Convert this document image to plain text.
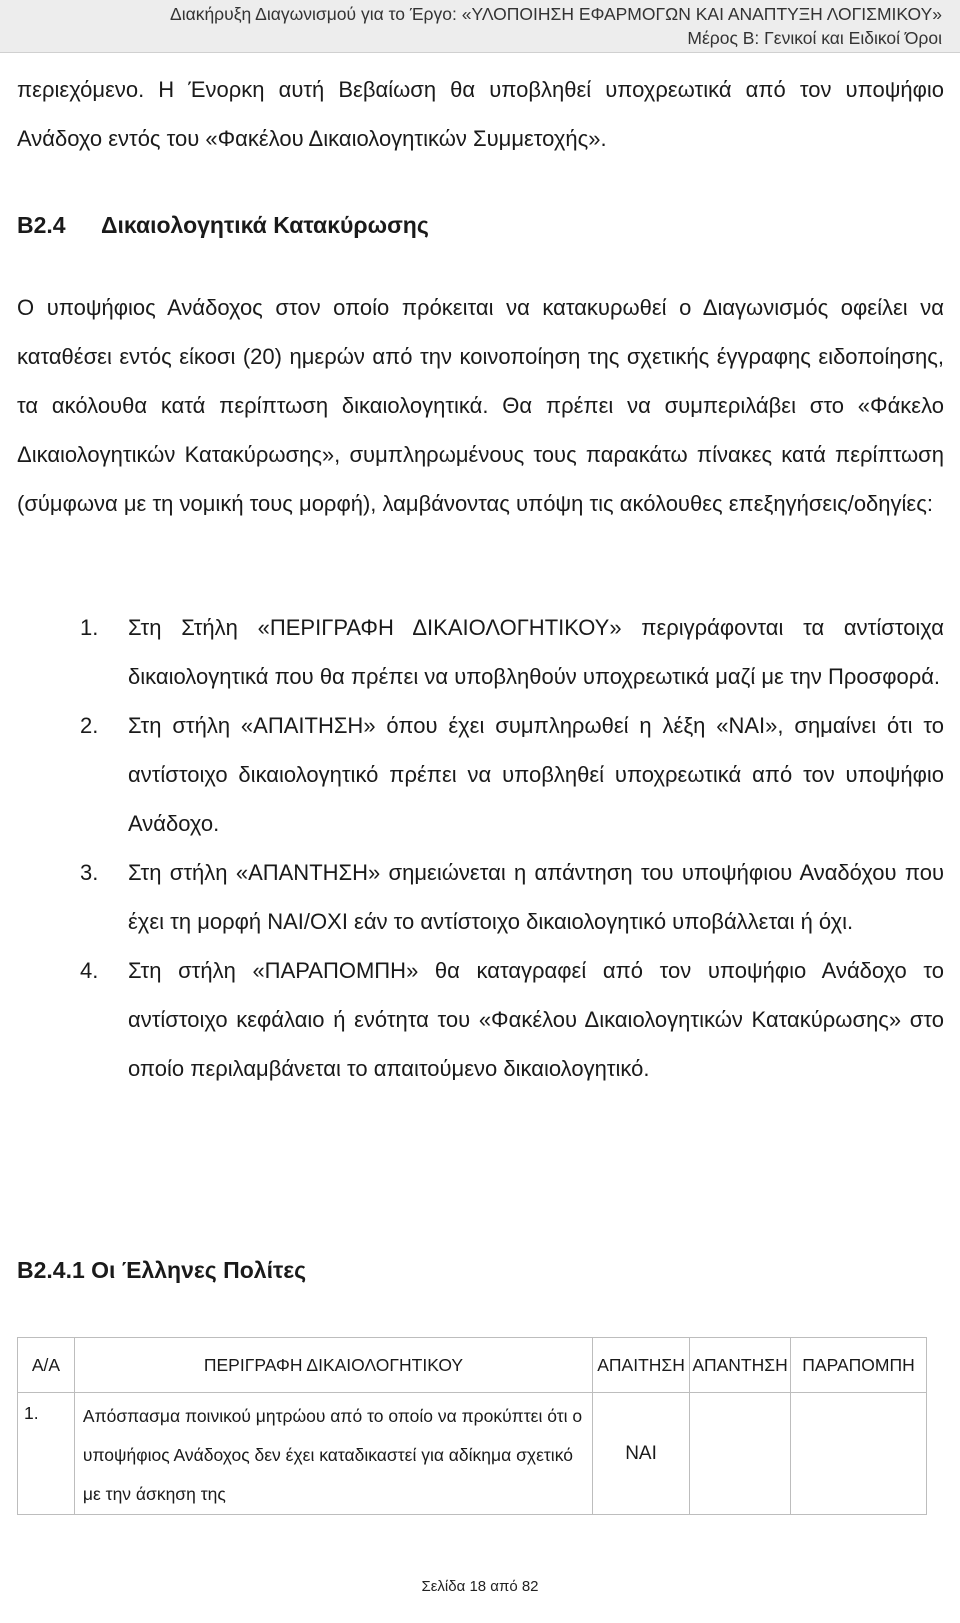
Διακήρυξη Διαγωνισμού για το Έργο: «ΥΛΟΠΟΙΗΣΗ ΕΦΑΡΜΟΓΩΝ ΚΑΙ ΑΝΑΠΤΥΞΗ ΛΟΓΙΣΜΙΚΟΥ»
Μέρος Β: Γενικοί και Ειδικοί Όροι

περιεχόμενο. Η Ένορκη αυτή Βεβαίωση θα υποβληθεί υποχρεωτικά από τον υποψήφιο Ανάδοχο εντός του «Φακέλου Δικαιολογητικών Συμμετοχής».

Β2.4 Δικαιολογητικά Κατακύρωσης

Ο υποψήφιος Ανάδοχος στον οποίο πρόκειται να κατακυρωθεί ο Διαγωνισμός οφείλει να καταθέσει εντός είκοσι (20) ημερών από την κοινοποίηση της σχετικής έγγραφης ειδοποίησης, τα ακόλουθα κατά περίπτωση δικαιολογητικά. Θα πρέπει να συμπεριλάβει στο «Φάκελο Δικαιολογητικών Κατακύρωσης», συμπληρωμένους τους παρακάτω πίνακες κατά περίπτωση (σύμφωνα με τη νομική τους μορφή), λαμβάνοντας υπόψη τις ακόλουθες επεξηγήσεις/οδηγίες:

1. Στη Στήλη «ΠΕΡΙΓΡΑΦΗ ΔΙΚΑΙΟΛΟΓΗΤΙΚΟΥ» περιγράφονται τα αντίστοιχα δικαιολογητικά που θα πρέπει να υποβληθούν υποχρεωτικά μαζί με την Προσφορά.
2. Στη στήλη «ΑΠΑΙΤΗΣΗ» όπου έχει συμπληρωθεί η λέξη «ΝΑΙ», σημαίνει ότι το αντίστοιχο δικαιολογητικό πρέπει να υποβληθεί υποχρεωτικά από τον υποψήφιο Ανάδοχο.
3. Στη στήλη «ΑΠΑΝΤΗΣΗ» σημειώνεται η απάντηση του υποψήφιου Αναδόχου που έχει τη μορφή ΝΑΙ/ΟΧΙ εάν το αντίστοιχο δικαιολογητικό υποβάλλεται ή όχι.
4. Στη στήλη «ΠΑΡΑΠΟΜΠΗ» θα καταγραφεί από τον υποψήφιο Ανάδοχο το αντίστοιχο κεφάλαιο ή ενότητα του «Φακέλου Δικαιολογητικών Κατακύρωσης» στο οποίο περιλαμβάνεται το απαιτούμενο δικαιολογητικό.
Β2.4.1 Οι Έλληνες Πολίτες
Α/Α	ΠΕΡΙΓΡΑΦΗ ΔΙΚΑΙΟΛΟΓΗΤΙΚΟΥ	ΑΠΑΙΤΗΣΗ	ΑΠΑΝΤΗΣΗ	ΠΑΡΑΠΟΜΠΗ
1.	Απόσπασμα ποινικού μητρώου από το οποίο να προκύπτει ότι ο υποψήφιος Ανάδοχος δεν έχει καταδικαστεί για αδίκημα σχετικό με την άσκηση της	ΝΑΙ		
Σελίδα 18 από 82
